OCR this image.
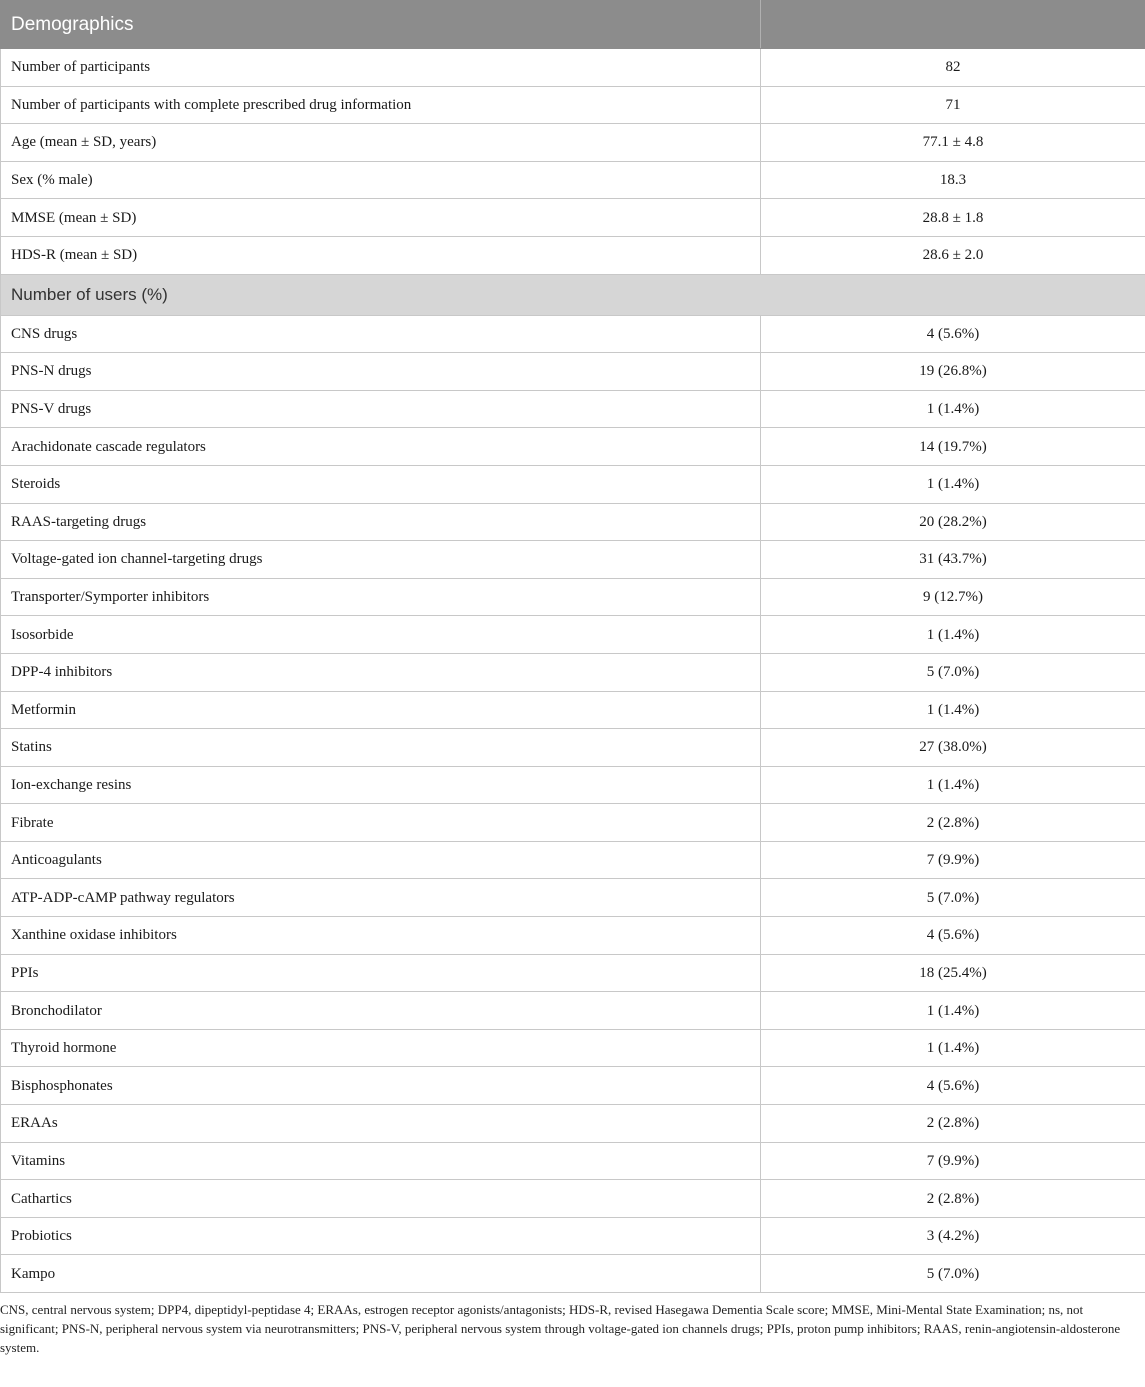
Demographics	
Number of participants	82
Number of participants with complete prescribed drug information	71
Age (mean ± SD, years)	77.1 ± 4.8
Sex (% male)	18.3
MMSE (mean ± SD)	28.8 ± 1.8
HDS-R (mean ± SD)	28.6 ± 2.0
Number of users (%)	
CNS drugs	4 (5.6%)
PNS-N drugs	19 (26.8%)
PNS-V drugs	1 (1.4%)
Arachidonate cascade regulators	14 (19.7%)
Steroids	1 (1.4%)
RAAS-targeting drugs	20 (28.2%)
Voltage-gated ion channel-targeting drugs	31 (43.7%)
Transporter/Symporter inhibitors	9 (12.7%)
Isosorbide	1 (1.4%)
DPP-4 inhibitors	5 (7.0%)
Metformin	1 (1.4%)
Statins	27 (38.0%)
Ion-exchange resins	1 (1.4%)
Fibrate	2 (2.8%)
Anticoagulants	7 (9.9%)
ATP-ADP-cAMP pathway regulators	5 (7.0%)
Xanthine oxidase inhibitors	4 (5.6%)
PPIs	18 (25.4%)
Bronchodilator	1 (1.4%)
Thyroid hormone	1 (1.4%)
Bisphosphonates	4 (5.6%)
ERAAs	2 (2.8%)
Vitamins	7 (9.9%)
Cathartics	2 (2.8%)
Probiotics	3 (4.2%)
Kampo	5 (7.0%)

CNS, central nervous system; DPP4, dipeptidyl-peptidase 4; ERAAs, estrogen receptor agonists/antagonists; HDS-R, revised Hasegawa Dementia Scale score; MMSE, Mini-Mental State Examination; ns, not significant; PNS-N, peripheral nervous system via neurotransmitters; PNS-V, peripheral nervous system through voltage-gated ion channels drugs; PPIs, proton pump inhibitors; RAAS, renin-angiotensin-aldosterone system.
